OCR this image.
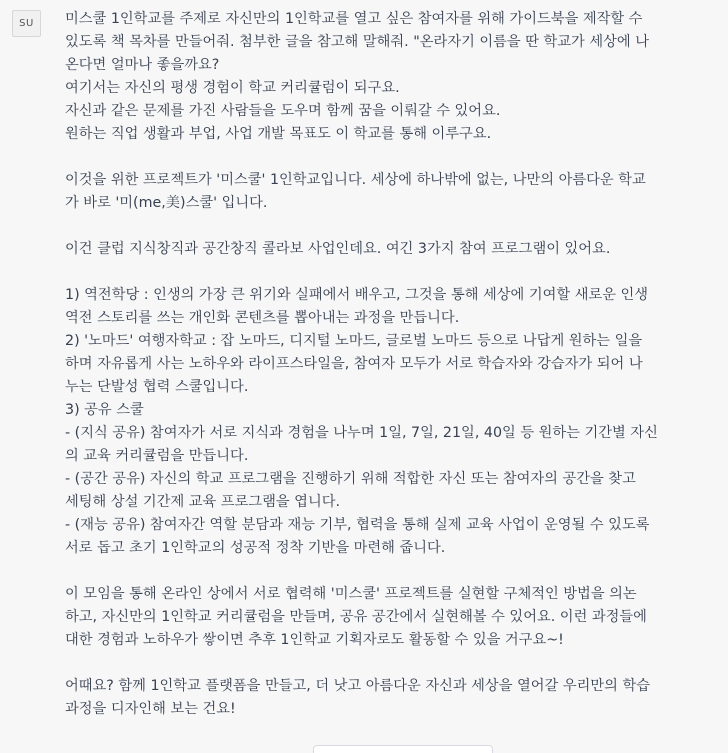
SU 미스쿨 1인학교를 주제로 자신만의 1인학교를 열고 싶은 참여자를 위해 가이드북을 제작할 수
있도록 책 목차를 만들어줘. 첨부한 글을 참고해 말해줘. "온라자기 이름을 딴 학교가 세상에 나
온다면 얼마나 좋을까요?
여기서는 자신의 평생 경험이 학교 커리큘럼이 되구요.
자신과 같은 문제를 가진 사람들을 도우며 함께 꿈을 이뤄갈 수 있어요.
원하는 직업 생활과 부업, 사업 개발 목표도 이 학교를 통해 이루구요.
이것을 위한 프로젝트가 '미스쿨' 1인학교입니다. 세상에 하나밖에 없는, 나만의 아름다운 학교
가 바로 '미(me,美)스쿨' 입니다.
이건 클럽 지식창직과 공간창직 콜라보 사업인데요. 여긴 3가지 참여 프로그램이 있어요.
1) 역전학당 : 인생의 가장 큰 위기와 실패에서 배우고, 그것을 통해 세상에 기여할 새로운 인생
역전 스토리를 쓰는 개인화 콘텐츠를 뽑아내는 과정을 만듭니다.
2) '노마드' 여행자학교 : 잡 노마드, 디지털 노마드, 글로벌 노마드 등으로 나답게 원하는 일을
하며 자유롭게 사는 노하우와 라이프스타일을, 참여자 모두가 서로 학습자와 강습자가 되어 나
누는 단발성 협력 스쿨입니다.
3) 공유 스쿨
- (지식 공유) 참여자가 서로 지식과 경험을 나누며 1일, 7일, 21일, 40일 등 원하는 기간별 자신
의 교육 커리큘럼을 만듭니다.
- (공간 공유) 자신의 학교 프로그램을 진행하기 위해 적합한 자신 또는 참여자의 공간을 찾고
세팅해 상설 기간제 교육 프로그램을 엽니다.
- (재능 공유) 참여자간 역할 분담과 재능 기부, 협력을 통해 실제 교육 사업이 운영될 수 있도록
서로 돕고 초기 1인학교의 성공적 정착 기반을 마련해 줍니다.
이 모임을 통해 온라인 상에서 서로 협력해 '미스쿨' 프로젝트를 실현할 구체적인 방법을 의논
하고, 자신만의 1인학교 커리큘럼을 만들며, 공유 공간에서 실현해볼 수 있어요. 이런 과정들에
대한 경험과 노하우가 쌓이면 추후 1인학교 기획자로도 활동할 수 있을 거구요~!
어때요? 함께 1인학교 플랫폼을 만들고, 더 낫고 아름다운 자신과 세상을 열어갈 우리만의 학습
과정을 디자인해 보는 건요!
